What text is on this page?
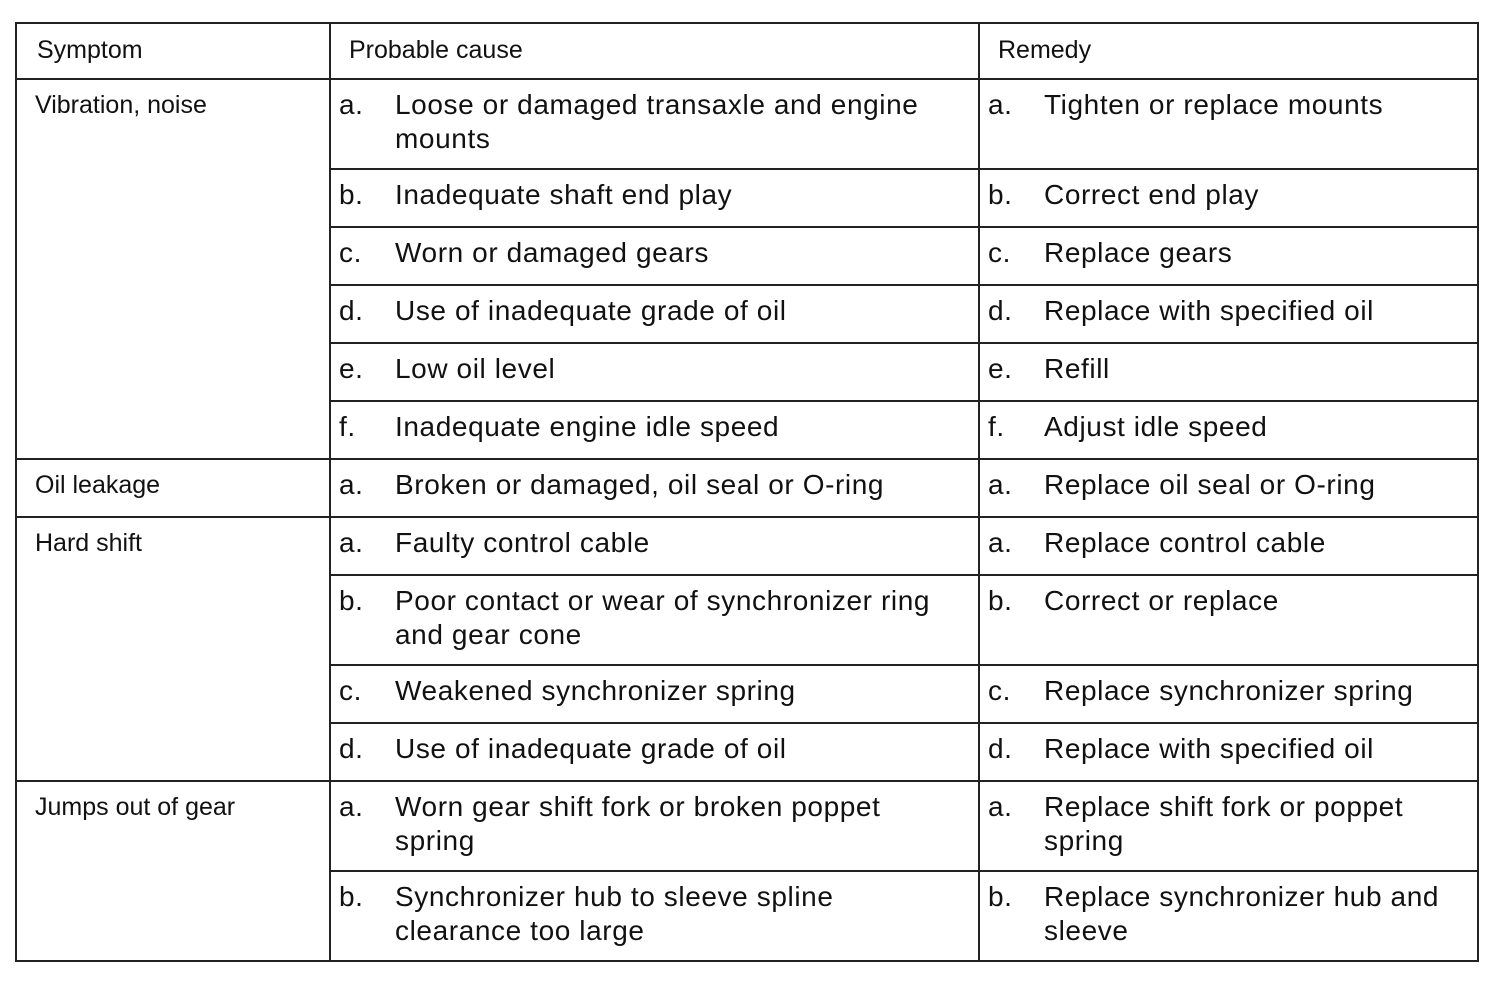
Symptom	Probable cause	Remedy
Vibration, noise	a. Loose or damaged transaxle and engine mounts	a. Tighten or replace mounts

	b. Inadequate shaft end play	b. Correct end play

	c. Worn or damaged gears	c. Replace gears

	d. Use of inadequate grade of oil	d. Replace with specified oil

	e. Low oil level	e. Refill

	f. Inadequate engine idle speed	f. Adjust idle speed

Oil leakage	a. Broken or damaged, oil seal or O-ring	a. Replace oil seal or O-ring

Hard shift	a. Faulty control cable	a. Replace control cable

	b. Poor contact or wear of synchronizer ring and gear cone	b. Correct or replace

	c. Weakened synchronizer spring	c. Replace synchronizer spring

	d. Use of inadequate grade of oil	d. Replace with specified oil

Jumps out of gear	a. Worn gear shift fork or broken poppet spring	a. Replace shift fork or poppet spring

	b. Synchronizer hub to sleeve spline clearance too large	b. Replace synchronizer hub and sleeve
